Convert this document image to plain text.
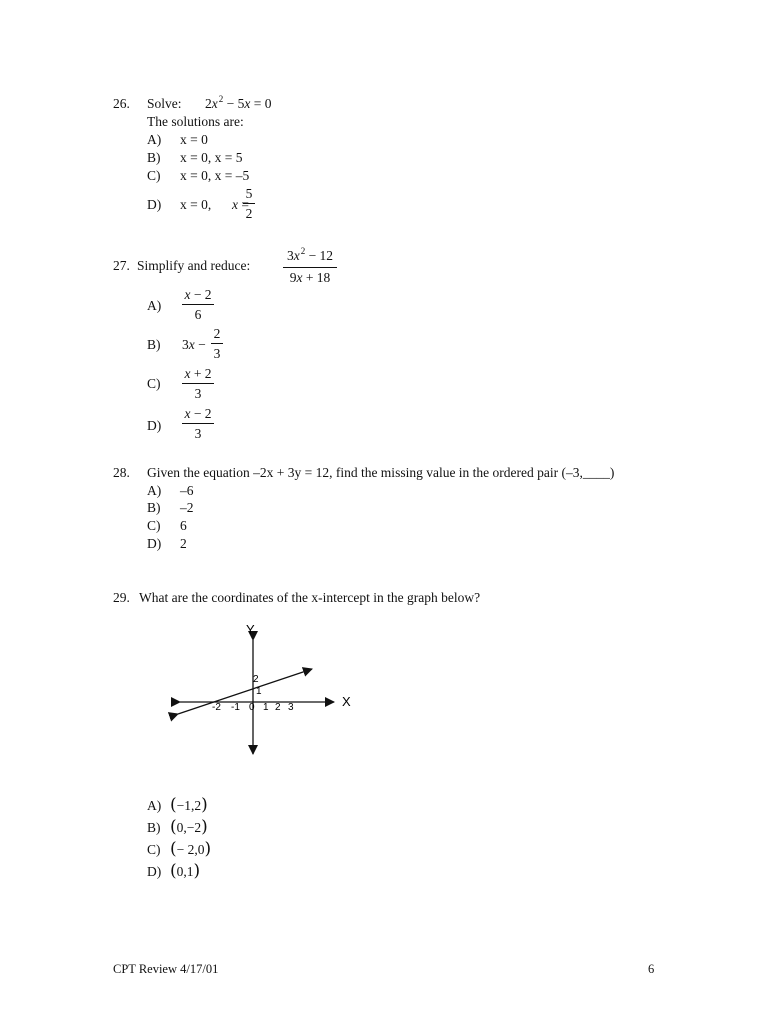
26. Solve: $2x^2 - 5x = 0$
The solutions are:
A) x = 0
B) x = 0, x = 5
C) x = 0, x = –5
D) x = 0, x =
5
2
27. Simplify and reduce:
$3x^2 - 12$
9x + 18
A)
x − 2
6
B) 3x −
2
3
C)
x + 2
3
D)
x − 2
3
28. Given the equation –2x + 3y = 12, find the missing value in the ordered pair (–3,____)
A) –6
B) –2
C) 6
D) 2
29. What are the coordinates of the x-intercept in the graph below?
Y
X
-2 -1 0 1 2 3
2
1
A) (−1,2)
B) (0,−2)
C) (− 2,0)
D) (0,1)
CPT Review 4/17/01	6
